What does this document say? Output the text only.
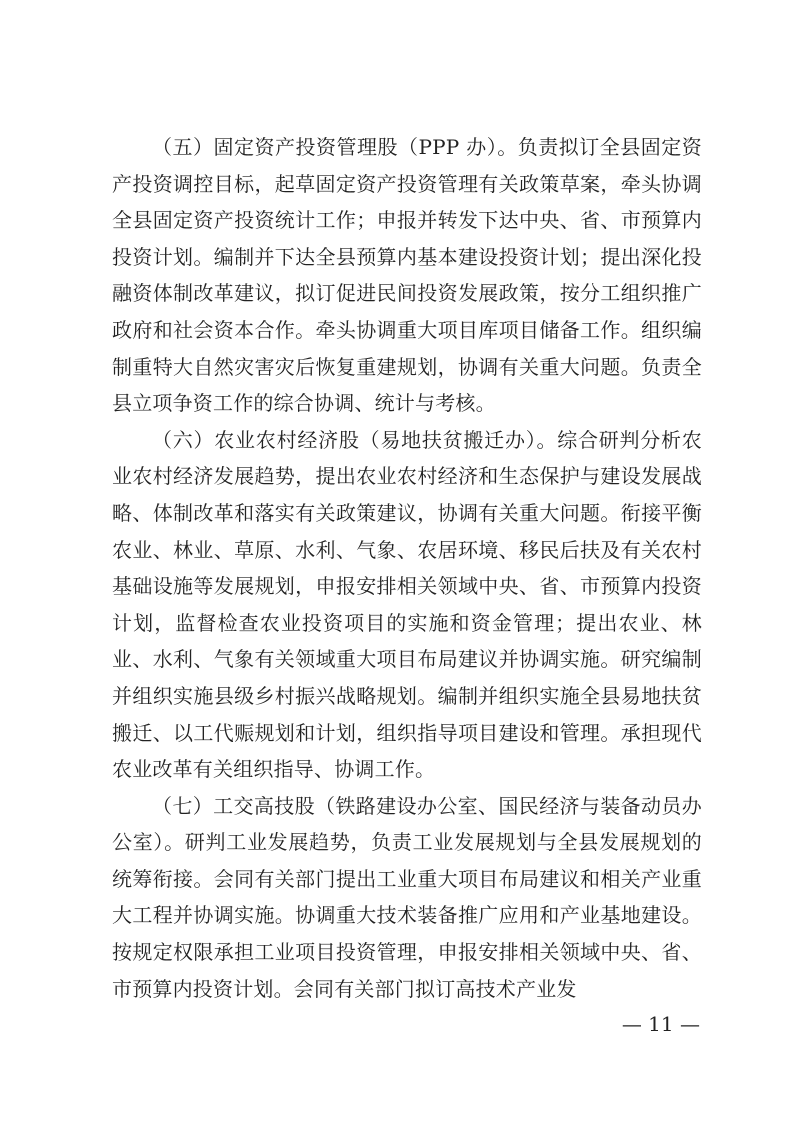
（五）固定资产投资管理股（PPP 办）。负责拟订全县固定资产投资调控目标，起草固定资产投资管理有关政策草案，牵头协调全县固定资产投资统计工作；申报并转发下达中央、省、市预算内投资计划。编制并下达全县预算内基本建设投资计划；提出深化投融资体制改革建议，拟订促进民间投资发展政策，按分工组织推广政府和社会资本合作。牵头协调重大项目库项目储备工作。组织编制重特大自然灾害灾后恢复重建规划，协调有关重大问题。负责全县立项争资工作的综合协调、统计与考核。

（六）农业农村经济股（易地扶贫搬迁办）。综合研判分析农业农村经济发展趋势，提出农业农村经济和生态保护与建设发展战略、体制改革和落实有关政策建议，协调有关重大问题。衔接平衡农业、林业、草原、水利、气象、农居环境、移民后扶及有关农村基础设施等发展规划，申报安排相关领域中央、省、市预算内投资计划，监督检查农业投资项目的实施和资金管理；提出农业、林业、水利、气象有关领域重大项目布局建议并协调实施。研究编制并组织实施县级乡村振兴战略规划。编制并组织实施全县易地扶贫搬迁、以工代赈规划和计划，组织指导项目建设和管理。承担现代农业改革有关组织指导、协调工作。

（七）工交高技股（铁路建设办公室、国民经济与装备动员办公室）。研判工业发展趋势，负责工业发展规划与全县发展规划的统筹衔接。会同有关部门提出工业重大项目布局建议和相关产业重大工程并协调实施。协调重大技术装备推广应用和产业基地建设。按规定权限承担工业项目投资管理，申报安排相关领域中央、省、市预算内投资计划。会同有关部门拟订高技术产业发

— 11 —
